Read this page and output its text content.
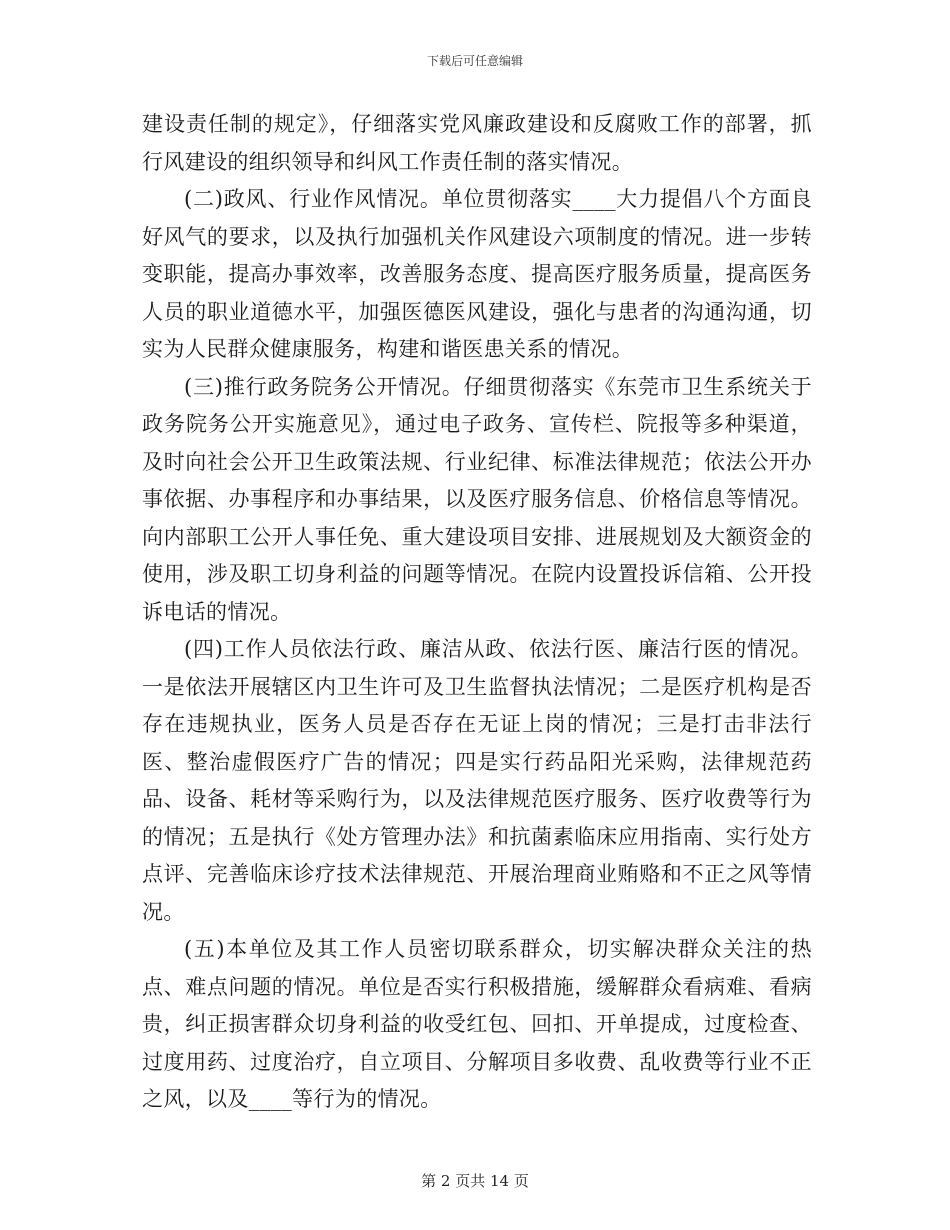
下载后可任意编辑

建设责任制的规定》，仔细落实党风廉政建设和反腐败工作的部署，抓行风建设的组织领导和纠风工作责任制的落实情况。

(二)政风、行业作风情况。单位贯彻落实____大力提倡八个方面良好风气的要求，以及执行加强机关作风建设六项制度的情况。进一步转变职能，提高办事效率，改善服务态度、提高医疗服务质量，提高医务人员的职业道德水平，加强医德医风建设，强化与患者的沟通沟通，切实为人民群众健康服务，构建和谐医患关系的情况。

(三)推行政务院务公开情况。仔细贯彻落实《东莞市卫生系统关于政务院务公开实施意见》，通过电子政务、宣传栏、院报等多种渠道，及时向社会公开卫生政策法规、行业纪律、标准法律规范；依法公开办事依据、办事程序和办事结果，以及医疗服务信息、价格信息等情况。向内部职工公开人事任免、重大建设项目安排、进展规划及大额资金的使用，涉及职工切身利益的问题等情况。在院内设置投诉信箱、公开投诉电话的情况。

(四)工作人员依法行政、廉洁从政、依法行医、廉洁行医的情况。一是依法开展辖区内卫生许可及卫生监督执法情况；二是医疗机构是否存在违规执业，医务人员是否存在无证上岗的情况；三是打击非法行医、整治虚假医疗广告的情况；四是实行药品阳光采购，法律规范药品、设备、耗材等采购行为，以及法律规范医疗服务、医疗收费等行为的情况；五是执行《处方管理办法》和抗菌素临床应用指南、实行处方点评、完善临床诊疗技术法律规范、开展治理商业贿赂和不正之风等情况。

(五)本单位及其工作人员密切联系群众，切实解决群众关注的热点、难点问题的情况。单位是否实行积极措施，缓解群众看病难、看病贵，纠正损害群众切身利益的收受红包、回扣、开单提成，过度检查、过度用药、过度治疗，自立项目、分解项目多收费、乱收费等行业不正之风，以及____等行为的情况。

第 2 页共 14 页
